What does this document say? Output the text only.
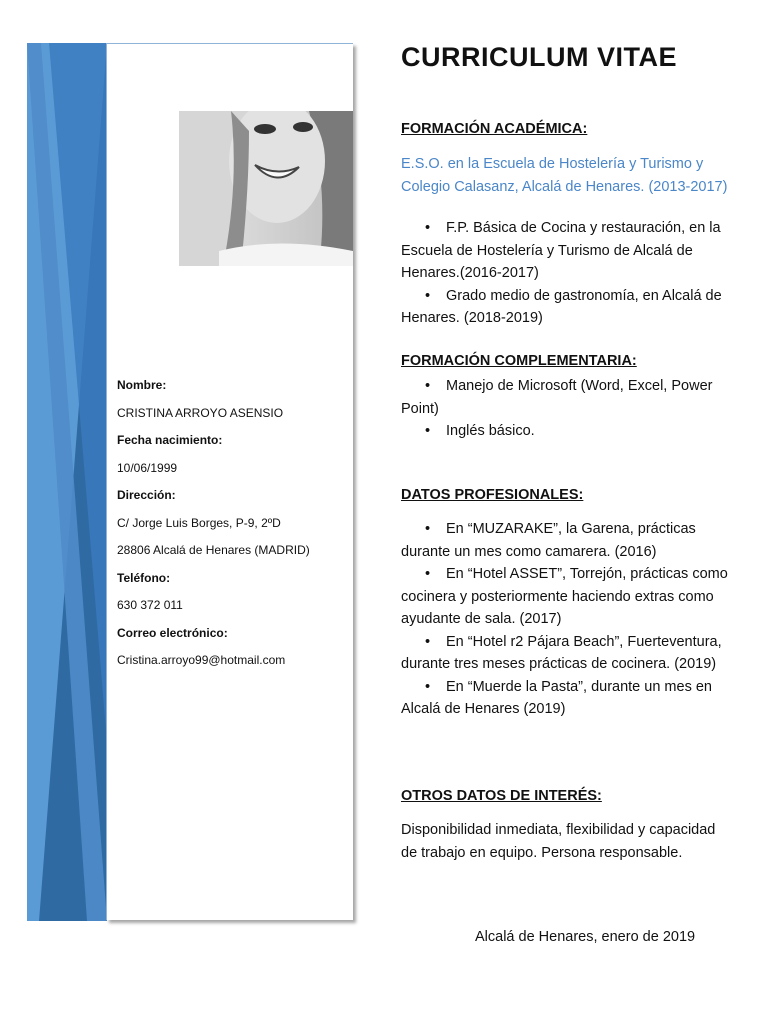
Nombre:
CRISTINA ARROYO ASENSIO
Fecha nacimiento:
10/06/1999
Dirección:
C/ Jorge Luis Borges, P-9, 2ºD
28806 Alcalá de Henares (MADRID)
Teléfono:
630 372 011
Correo electrónico:
Cristina.arroyo99@hotmail.com
CURRICULUM VITAE
FORMACIÓN ACADÉMICA:

E.S.O. en la Escuela de Hostelería y Turismo y Colegio Calasanz, Alcalá de Henares. (2013-2017)

• F.P. Básica de Cocina y restauración, en la Escuela de Hostelería y Turismo de Alcalá de Henares.(2016-2017)
• Grado medio de gastronomía, en Alcalá de Henares. (2018-2019)
FORMACIÓN COMPLEMENTARIA:
• Manejo de Microsoft (Word, Excel, Power Point)
• Inglés básico.
DATOS PROFESIONALES:
• En “MUZARAKE”, la Garena, prácticas durante un mes como camarera. (2016)
• En “Hotel ASSET”, Torrejón, prácticas como cocinera y posteriormente haciendo extras como ayudante de sala. (2017)
• En “Hotel r2 Pájara Beach”, Fuerteventura, durante tres meses prácticas de cocinera. (2019)
• En “Muerde la Pasta”, durante un mes en Alcalá de Henares (2019)
OTROS DATOS DE INTERÉS:

Disponibilidad inmediata, flexibilidad y capacidad de trabajo en equipo. Persona responsable.

Alcalá de Henares, enero de 2019
